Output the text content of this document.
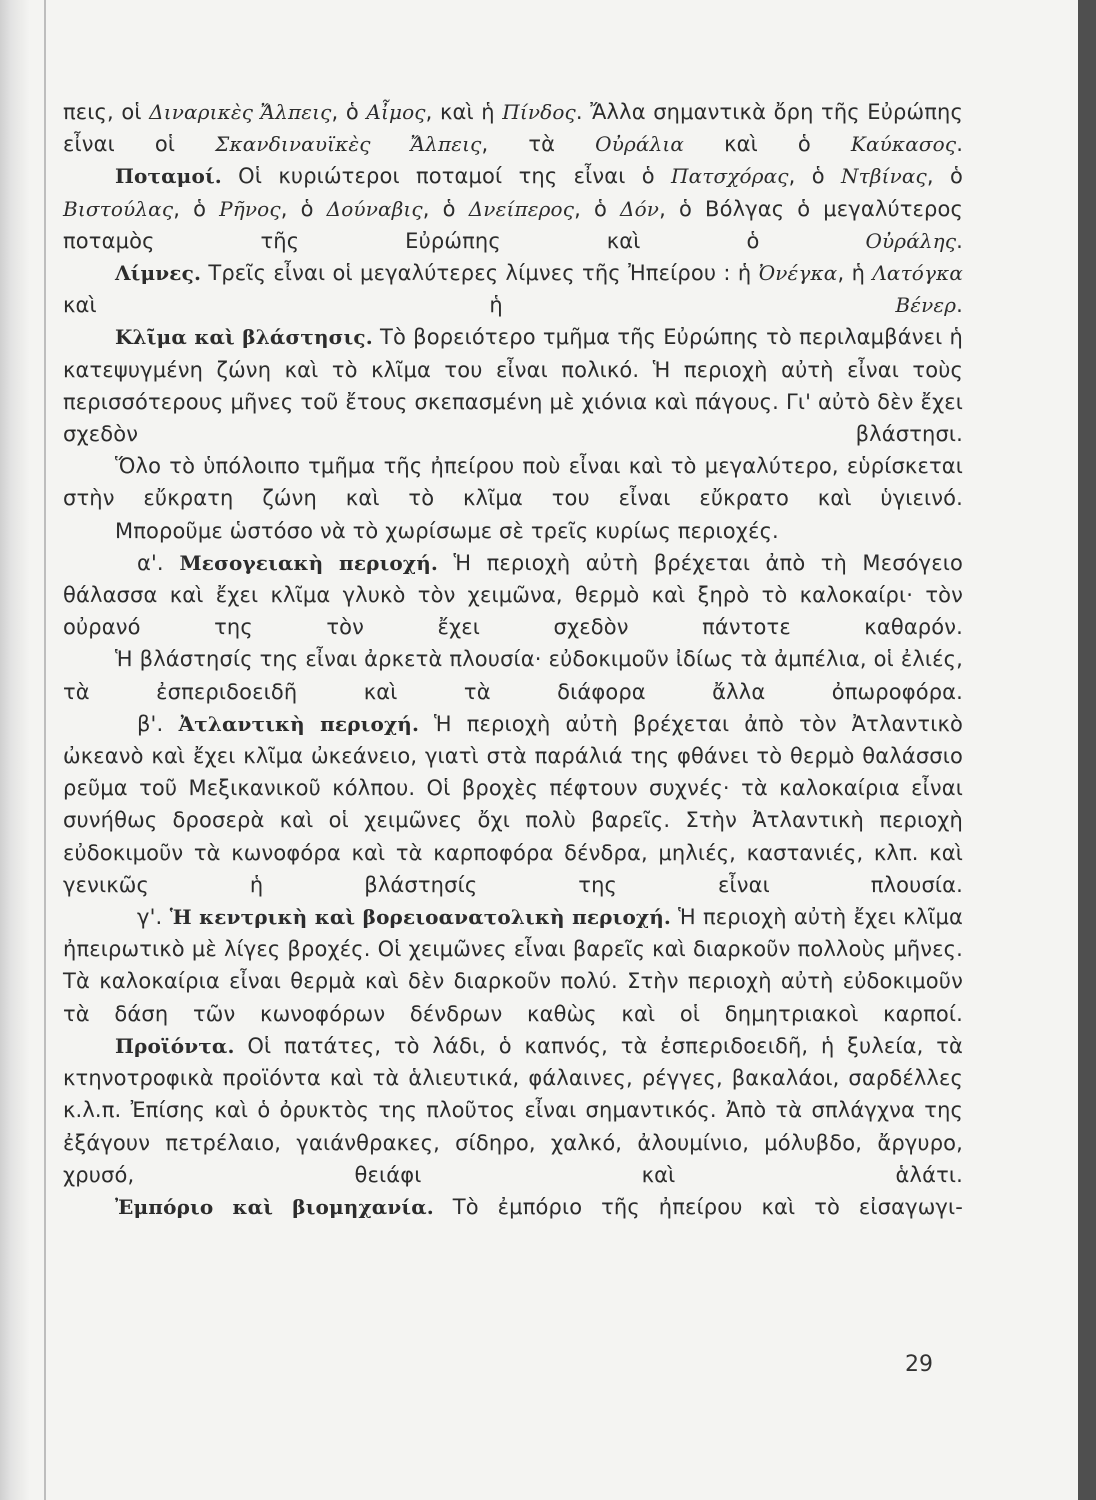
πεις, οἱ Διναρικὲς Ἄλπεις, ὁ Αἶμος, καὶ ἡ Πίνδος. Ἄλλα σημαντικὰ ὄρη τῆς Εὐρώπης εἶναι οἱ Σκανδιναυϊκὲς Ἄλπεις, τὰ Οὐράλια καὶ ὁ Καύκασος.

Ποταμοί. Οἱ κυριώτεροι ποταμοί της εἶναι ὁ Πατσχόρας, ὁ Ντβίνας, ὁ Βιστούλας, ὁ Ρῆνος, ὁ Δούναβις, ὁ Δνείπερος, ὁ Δόν, ὁ Βόλγας ὁ μεγαλύτερος ποταμὸς τῆς Εὐρώπης καὶ ὁ Οὐράλης.

Λίμνες. Τρεῖς εἶναι οἱ μεγαλύτερες λίμνες τῆς Ἠπείρου : ἡ Ὀνέγκα, ἡ Λατόγκα καὶ ἡ Βένερ.

Κλῖμα καὶ βλάστησις. Τὸ βορειότερο τμῆμα τῆς Εὐρώπης τὸ περιλαμβάνει ἡ κατεψυγμένη ζώνη καὶ τὸ κλῖμα του εἶναι πολικό. Ἡ περιοχὴ αὐτὴ εἶναι τοὺς περισσότερους μῆνες τοῦ ἔτους σκεπασμένη μὲ χιόνια καὶ πάγους. Γι' αὐτὸ δὲν ἔχει σχεδὸν βλάστησι.

Ὅλο τὸ ὑπόλοιπο τμῆμα τῆς ἠπείρου ποὺ εἶναι καὶ τὸ μεγαλύτερο, εὑρίσκεται στὴν εὔκρατη ζώνη καὶ τὸ κλῖμα του εἶναι εὔκρατο καὶ ὑγιεινό.

Μποροῦμε ὡστόσο νὰ τὸ χωρίσωμε σὲ τρεῖς κυρίως περιοχές.

α'. Μεσογειακὴ περιοχή. Ἡ περιοχὴ αὐτὴ βρέχεται ἀπὸ τὴ Μεσόγειο θάλασσα καὶ ἔχει κλῖμα γλυκὸ τὸν χειμῶνα, θερμὸ καὶ ξηρὸ τὸ καλοκαίρι· τὸν οὐρανό της τὸν ἔχει σχεδὸν πάντοτε καθαρόν.

Ἡ βλάστησίς της εἶναι ἀρκετὰ πλουσία· εὐδοκιμοῦν ἰδίως τὰ ἀμπέλια, οἱ ἐλιές, τὰ ἐσπεριδοειδῆ καὶ τὰ διάφορα ἄλλα ὀπωροφόρα.

β'. Ἀτλαντικὴ περιοχή. Ἡ περιοχὴ αὐτὴ βρέχεται ἀπὸ τὸν Ἀτλαντικὸ ὠκεανὸ καὶ ἔχει κλῖμα ὠκεάνειο, γιατὶ στὰ παράλιά της φθάνει τὸ θερμὸ θαλάσσιο ρεῦμα τοῦ Μεξικανικοῦ κόλπου. Οἱ βροχὲς πέφτουν συχνές· τὰ καλοκαίρια εἶναι συνήθως δροσερὰ καὶ οἱ χειμῶνες ὄχι πολὺ βαρεῖς. Στὴν Ἀτλαντικὴ περιοχὴ εὐδοκιμοῦν τὰ κωνοφόρα καὶ τὰ καρποφόρα δένδρα, μηλιές, καστανιές, κλπ. καὶ γενικῶς ἡ βλάστησίς της εἶναι πλουσία.

γ'. Ἡ κεντρικὴ καὶ βορειοανατολικὴ περιοχή. Ἡ περιοχὴ αὐτὴ ἔχει κλῖμα ἠπειρωτικὸ μὲ λίγες βροχές. Οἱ χειμῶνες εἶναι βαρεῖς καὶ διαρκοῦν πολλοὺς μῆνες. Τὰ καλοκαίρια εἶναι θερμὰ καὶ δὲν διαρκοῦν πολύ. Στὴν περιοχὴ αὐτὴ εὐδοκιμοῦν τὰ δάση τῶν κωνοφόρων δένδρων καθὼς καὶ οἱ δημητριακοὶ καρποί.

Προϊόντα. Οἱ πατάτες, τὸ λάδι, ὁ καπνός, τὰ ἐσπεριδοειδῆ, ἡ ξυλεία, τὰ κτηνοτροφικὰ προϊόντα καὶ τὰ ἁλιευτικά, φάλαινες, ρέγγες, βακαλάοι, σαρδέλλες κ.λ.π. Ἐπίσης καὶ ὁ ὀρυκτὸς της πλοῦτος εἶναι σημαντικός. Ἀπὸ τὰ σπλάγχνα της ἐξάγουν πετρέλαιο, γαιάνθρακες, σίδηρο, χαλκό, ἀλουμίνιο, μόλυβδο, ἄργυρο, χρυσό, θειάφι καὶ ἁλάτι.

Ἐμπόριο καὶ βιομηχανία. Τὸ ἐμπόριο τῆς ἠπείρου καὶ τὸ εἰσαγωγι-

29
